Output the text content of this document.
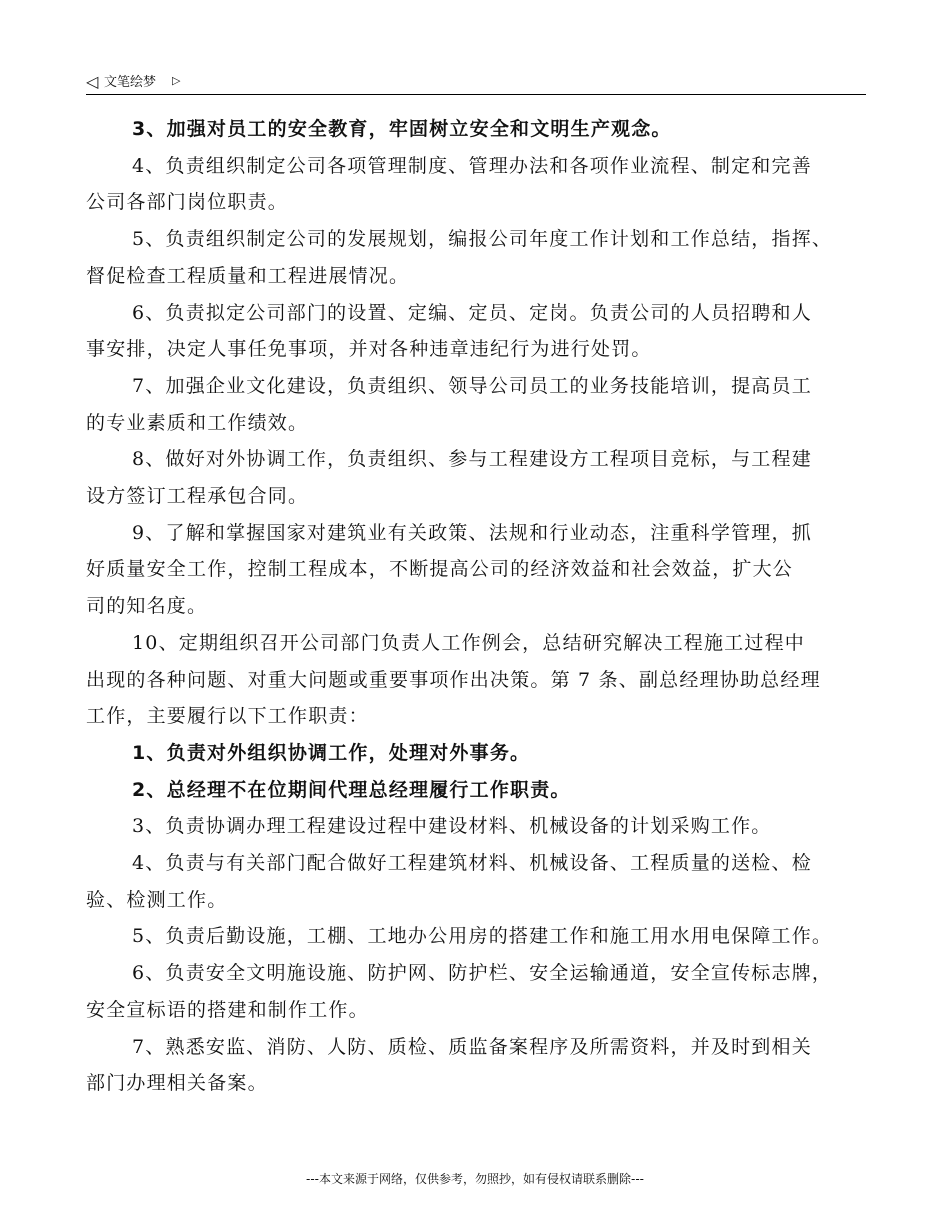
◁ 文笔绘梦 ▷
3、加强对员工的安全教育，牢固树立安全和文明生产观念。
4、负责组织制定公司各项管理制度、管理办法和各项作业流程、制定和完善
公司各部门岗位职责。
5、负责组织制定公司的发展规划，编报公司年度工作计划和工作总结，指挥、
督促检查工程质量和工程进展情况。
6、负责拟定公司部门的设置、定编、定员、定岗。负责公司的人员招聘和人
事安排，决定人事任免事项，并对各种违章违纪行为进行处罚。
7、加强企业文化建设，负责组织、领导公司员工的业务技能培训，提高员工
的专业素质和工作绩效。
8、做好对外协调工作，负责组织、参与工程建设方工程项目竞标，与工程建
设方签订工程承包合同。
9、了解和掌握国家对建筑业有关政策、法规和行业动态，注重科学管理，抓
好质量安全工作，控制工程成本，不断提高公司的经济效益和社会效益，扩大公
司的知名度。
10、定期组织召开公司部门负责人工作例会，总结研究解决工程施工过程中
出现的各种问题、对重大问题或重要事项作出决策。第 7 条、副总经理协助总经理
工作，主要履行以下工作职责：
1、负责对外组织协调工作，处理对外事务。
2、总经理不在位期间代理总经理履行工作职责。
3、负责协调办理工程建设过程中建设材料、机械设备的计划采购工作。
4、负责与有关部门配合做好工程建筑材料、机械设备、工程质量的送检、检
验、检测工作。
5、负责后勤设施，工棚、工地办公用房的搭建工作和施工用水用电保障工作。
6、负责安全文明施设施、防护网、防护栏、安全运输通道，安全宣传标志牌，
安全宣标语的搭建和制作工作。
7、熟悉安监、消防、人防、质检、质监备案程序及所需资料，并及时到相关
部门办理相关备案。
---本文来源于网络，仅供参考，勿照抄，如有侵权请联系删除---
